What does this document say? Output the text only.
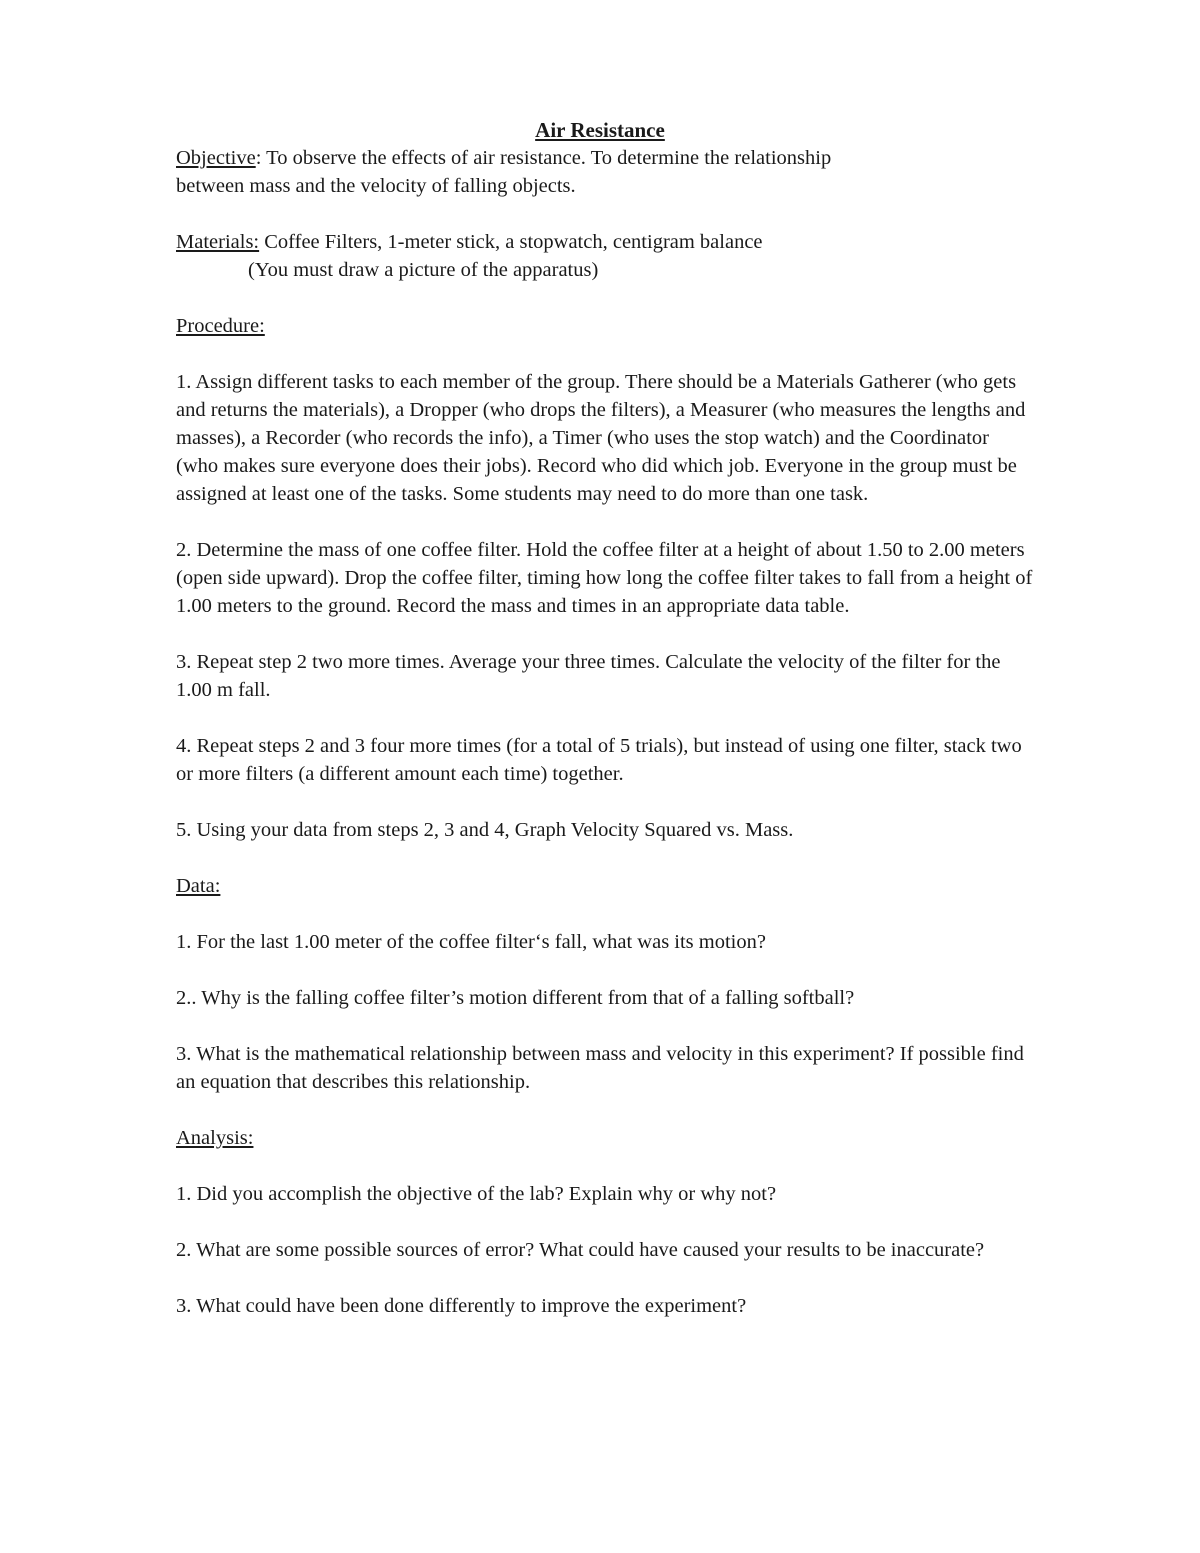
Air Resistance

Objective: To observe the effects of air resistance. To determine the relationship
between mass and the velocity of falling objects.

Materials: Coffee Filters, 1-meter stick, a stopwatch, centigram balance

(You must draw a picture of the apparatus)

Procedure:

1. Assign different tasks to each member of the group. There should be a Materials Gatherer (who gets and returns the materials), a Dropper (who drops the filters), a Measurer (who measures the lengths and masses), a Recorder (who records the info), a Timer (who uses the stop watch) and the Coordinator (who makes sure everyone does their jobs). Record who did which job. Everyone in the group must be assigned at least one of the tasks. Some students may need to do more than one task.

2. Determine the mass of one coffee filter. Hold the coffee filter at a height of about 1.50 to 2.00 meters (open side upward). Drop the coffee filter, timing how long the coffee filter takes to fall from a height of 1.00 meters to the ground. Record the mass and times in an appropriate data table.

3. Repeat step 2 two more times. Average your three times. Calculate the velocity of the filter for the 1.00 m fall.

4. Repeat steps 2 and 3 four more times (for a total of 5 trials), but instead of using one filter, stack two or more filters (a different amount each time) together.

5. Using your data from steps 2, 3 and 4, Graph Velocity Squared vs. Mass.

Data:

1. For the last 1.00 meter of the coffee filter‘s fall, what was its motion?

2.. Why is the falling coffee filter’s motion different from that of a falling softball?

3. What is the mathematical relationship between mass and velocity in this experiment? If possible find an equation that describes this relationship.

Analysis:

1. Did you accomplish the objective of the lab? Explain why or why not?

2. What are some possible sources of error? What could have caused your results to be inaccurate?

3. What could have been done differently to improve the experiment?
